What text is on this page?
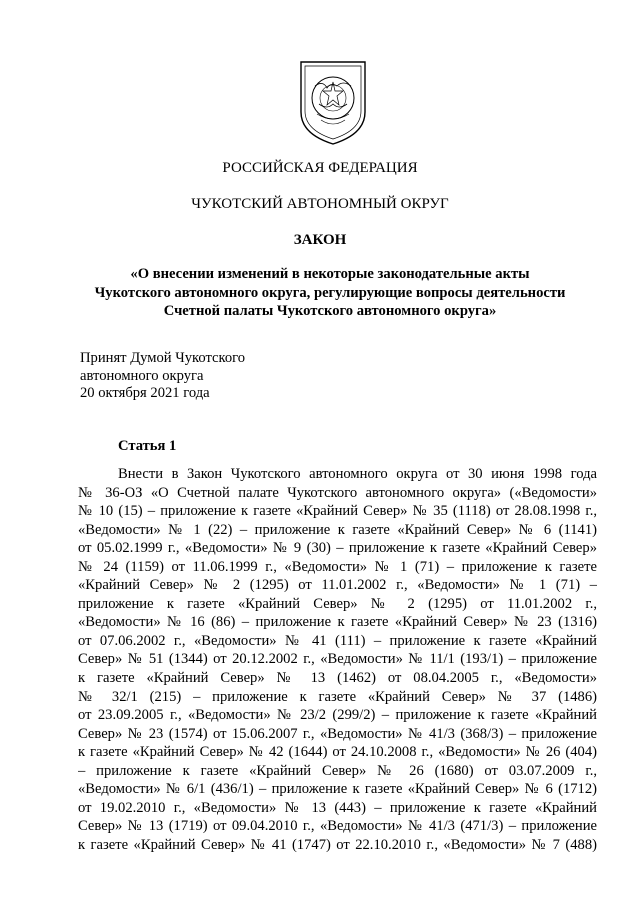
РОССИЙСКАЯ ФЕДЕРАЦИЯ
ЧУКОТСКИЙ АВТОНОМНЫЙ ОКРУГ
ЗАКОН
«О внесении изменений в некоторые законодательные акты
Чукотского автономного округа, регулирующие вопросы деятельности
Счетной палаты Чукотского автономного округа»
Принят Думой Чукотского
автономного округа
20 октября 2021 года
Статья 1
Внести в Закон Чукотского автономного округа от 30 июня 1998 года
№ 36-ОЗ «О Счетной палате Чукотского автономного округа» («Ведомости»
№ 10 (15) – приложение к газете «Крайний Север» № 35 (1118) от 28.08.1998 г.,
«Ведомости» № 1 (22) – приложение к газете «Крайний Север» № 6 (1141)
от 05.02.1999 г., «Ведомости» № 9 (30) – приложение к газете «Крайний Север»
№ 24 (1159) от 11.06.1999 г., «Ведомости» № 1 (71) – приложение к газете
«Крайний Север» № 2 (1295) от 11.01.2002 г., «Ведомости» № 1 (71) –
приложение к газете «Крайний Север» № 2 (1295) от 11.01.2002 г.,
«Ведомости» № 16 (86) – приложение к газете «Крайний Север» № 23 (1316)
от 07.06.2002 г., «Ведомости» № 41 (111) – приложение к газете «Крайний
Север» № 51 (1344) от 20.12.2002 г., «Ведомости» № 11/1 (193/1) – приложение
к газете «Крайний Север» № 13 (1462) от 08.04.2005 г., «Ведомости»
№ 32/1 (215) – приложение к газете «Крайний Север» № 37 (1486)
от 23.09.2005 г., «Ведомости» № 23/2 (299/2) – приложение к газете «Крайний
Север» № 23 (1574) от 15.06.2007 г., «Ведомости» № 41/3 (368/3) – приложение
к газете «Крайний Север» № 42 (1644) от 24.10.2008 г., «Ведомости» № 26 (404)
– приложение к газете «Крайний Север» № 26 (1680) от 03.07.2009 г.,
«Ведомости» № 6/1 (436/1) – приложение к газете «Крайний Север» № 6 (1712)
от 19.02.2010 г., «Ведомости» № 13 (443) – приложение к газете «Крайний
Север» № 13 (1719) от 09.04.2010 г., «Ведомости» № 41/3 (471/3) – приложение
к газете «Крайний Север» № 41 (1747) от 22.10.2010 г., «Ведомости» № 7 (488)
